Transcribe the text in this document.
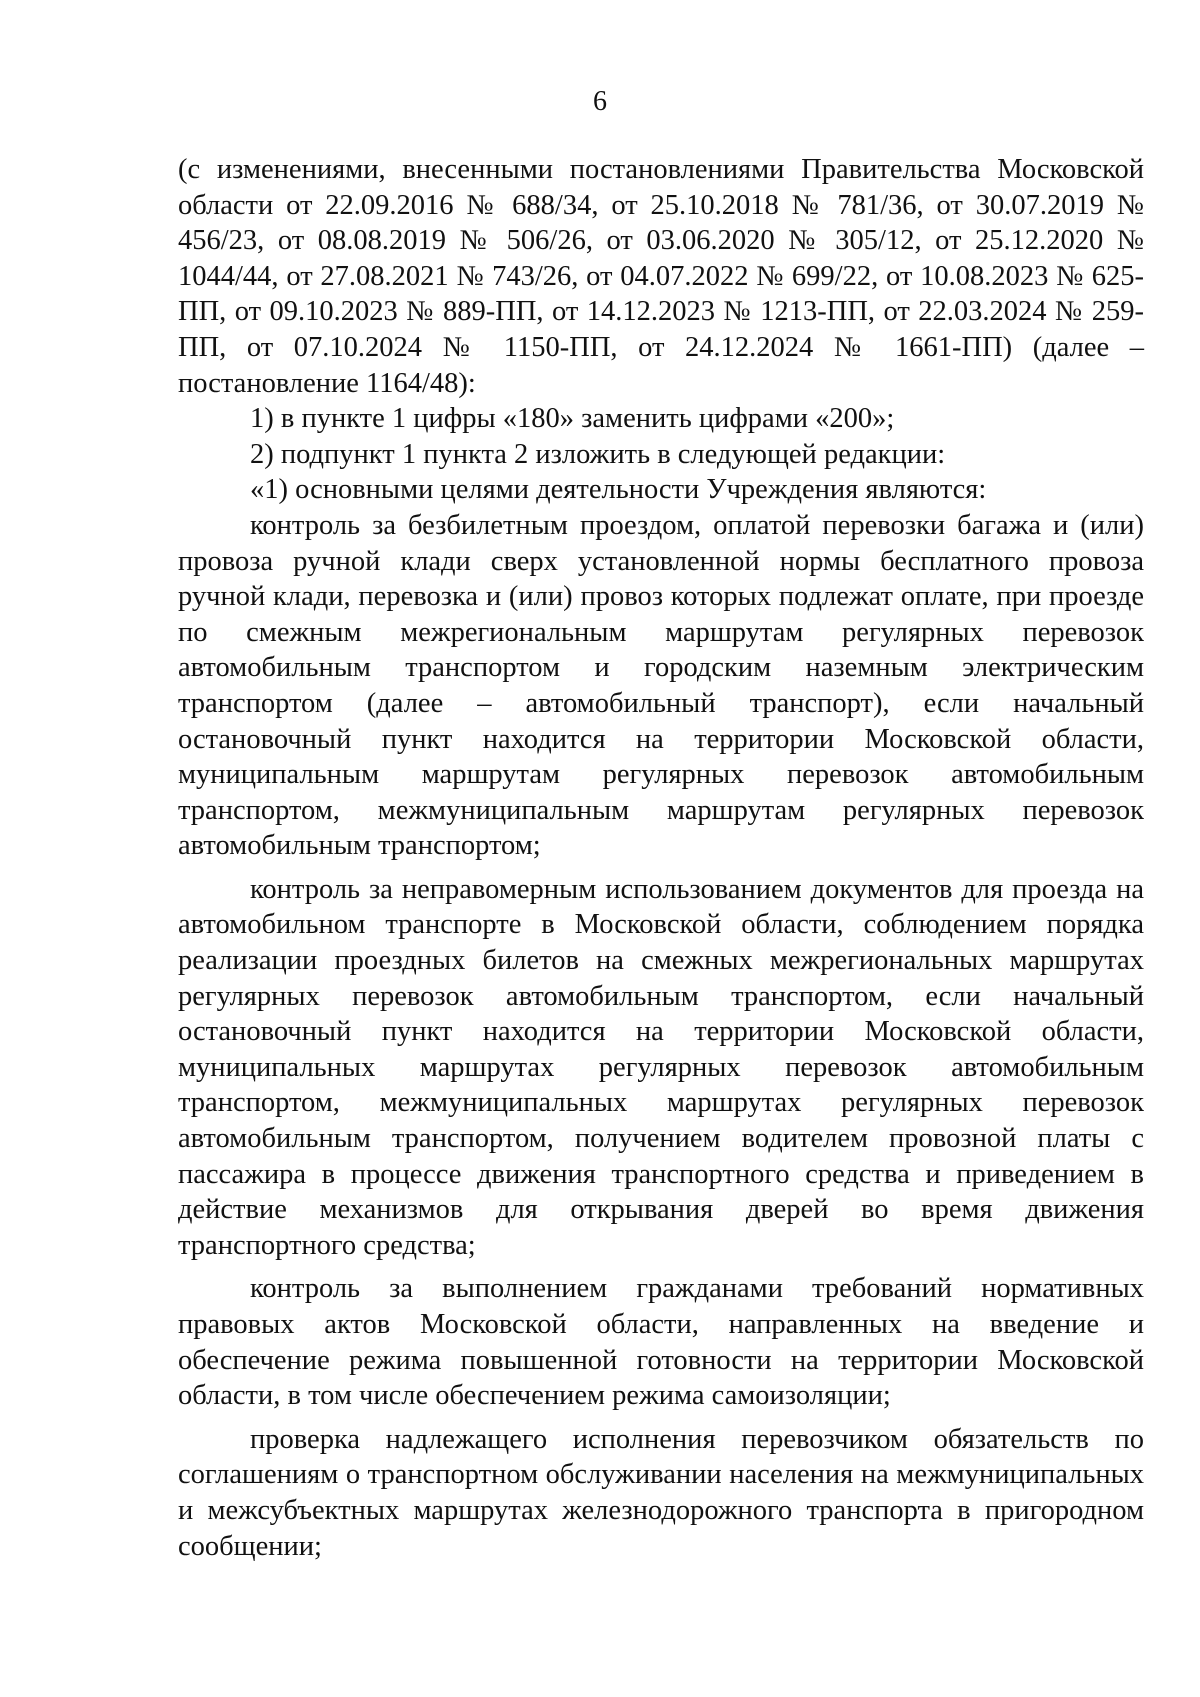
6

(с изменениями, внесенными постановлениями Правительства Московской области от 22.09.2016 № 688/34, от 25.10.2018 № 781/36, от 30.07.2019 № 456/23, от 08.08.2019 № 506/26, от 03.06.2020 № 305/12, от 25.12.2020 № 1044/44, от 27.08.2021 № 743/26, от 04.07.2022 № 699/22, от 10.08.2023 № 625-ПП, от 09.10.2023 № 889-ПП, от 14.12.2023 № 1213-ПП, от 22.03.2024 № 259-ПП, от 07.10.2024 № 1150-ПП, от 24.12.2024 № 1661-ПП) (далее – постановление 1164/48):

1) в пункте 1 цифры «180» заменить цифрами «200»;

2) подпункт 1 пункта 2 изложить в следующей редакции:

«1) основными целями деятельности Учреждения являются:

контроль за безбилетным проездом, оплатой перевозки багажа и (или) провоза ручной клади сверх установленной нормы бесплатного провоза ручной клади, перевозка и (или) провоз которых подлежат оплате, при проезде по смежным межрегиональным маршрутам регулярных перевозок автомобильным транспортом и городским наземным электрическим транспортом (далее – автомобильный транспорт), если начальный остановочный пункт находится на территории Московской области, муниципальным маршрутам регулярных перевозок автомобильным транспортом, межмуниципальным маршрутам регулярных перевозок автомобильным транспортом;

контроль за неправомерным использованием документов для проезда на автомобильном транспорте в Московской области, соблюдением порядка реализации проездных билетов на смежных межрегиональных маршрутах регулярных перевозок автомобильным транспортом, если начальный остановочный пункт находится на территории Московской области, муниципальных маршрутах регулярных перевозок автомобильным транспортом, межмуниципальных маршрутах регулярных перевозок автомобильным транспортом, получением водителем провозной платы с пассажира в процессе движения транспортного средства и приведением в действие механизмов для открывания дверей во время движения транспортного средства;

контроль за выполнением гражданами требований нормативных правовых актов Московской области, направленных на введение и обеспечение режима повышенной готовности на территории Московской области, в том числе обеспечением режима самоизоляции;

проверка надлежащего исполнения перевозчиком обязательств по соглашениям о транспортном обслуживании населения на межмуниципальных и межсубъектных маршрутах железнодорожного транспорта в пригородном сообщении;
